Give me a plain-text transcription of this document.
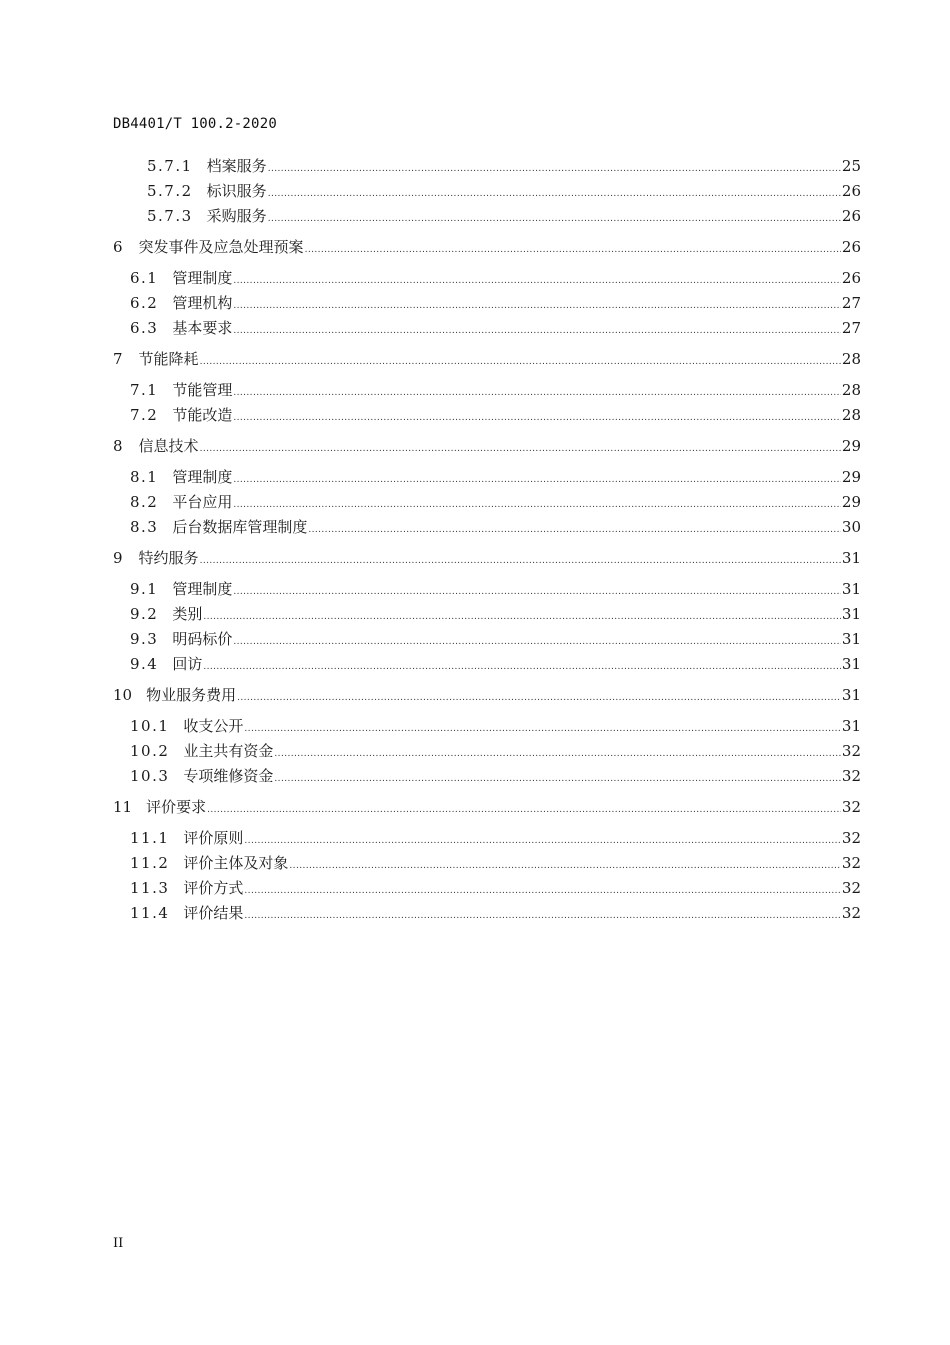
DB4401/T 100.2-2020
5.7.1 档案服务 .....	25
5.7.2 标识服务 .....	26
5.7.3 采购服务 .....	26
6 突发事件及应急处理预案 .....	26
6.1 管理制度 .....	26
6.2 管理机构 .....	27
6.3 基本要求 .....	27
7 节能降耗 .....	28
7.1 节能管理 .....	28
7.2 节能改造 .....	28
8 信息技术 .....	29
8.1 管理制度 .....	29
8.2 平台应用 .....	29
8.3 后台数据库管理制度 .....	30
9 特约服务 .....	31
9.1 管理制度 .....	31
9.2 类别 .....	31
9.3 明码标价 .....	31
9.4 回访 .....	31
10 物业服务费用 .....	31
10.1 收支公开 .....	31
10.2 业主共有资金 .....	32
10.3 专项维修资金 .....	32
11 评价要求 .....	32
11.1 评价原则 .....	32
11.2 评价主体及对象 .....	32
11.3 评价方式 .....	32
11.4 评价结果 .....	32
II
